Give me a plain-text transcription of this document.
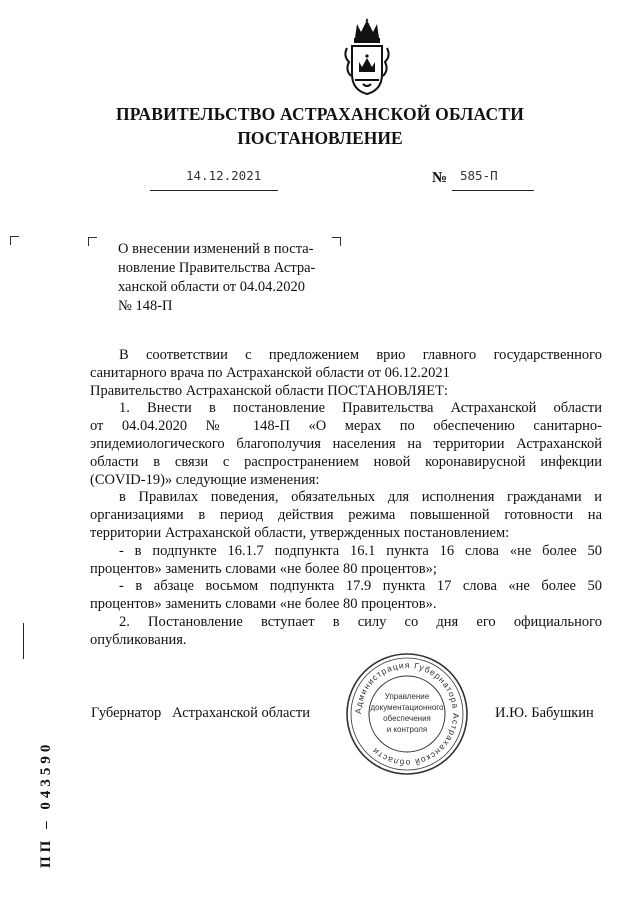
ПРАВИТЕЛЬСТВО АСТРАХАНСКОЙ ОБЛАСТИ
ПОСТАНОВЛЕНИЕ
14.12.2021	№ 585-П
О внесении изменений в поста-
новление Правительства Астра-
ханской области от 04.04.2020
№ 148-П
В соответствии с предложением врио главного государственного
санитарного врача по Астраханской области от 06.12.2021
Правительство Астраханской области ПОСТАНОВЛЯЕТ:
1. Внести в постановление Правительства Астраханской области
от 04.04.2020 № 148-П «О мерах по обеспечению санитарно-
эпидемиологического благополучия населения на территории Астраханской
области в связи с распространением новой коронавирусной инфекции
(COVID-19)» следующие изменения:
в Правилах поведения, обязательных для исполнения гражданами и
организациями в период действия режима повышенной готовности на
территории Астраханской области, утвержденных постановлением:
- в подпункте 16.1.7 подпункта 16.1 пункта 16 слова «не более 50
процентов» заменить словами «не более 80 процентов»;
- в абзаце восьмом подпункта 17.9 пункта 17 слова «не более 50
процентов» заменить словами «не более 80 процентов».
2. Постановление вступает в силу со дня его официального
опубликования.
Губернатор   Астраханской области	И.Ю. Бабушкин
Администрация Губернатора Астраханской области
Управление
документационного
обеспечения
и контроля
ПП – 043590
